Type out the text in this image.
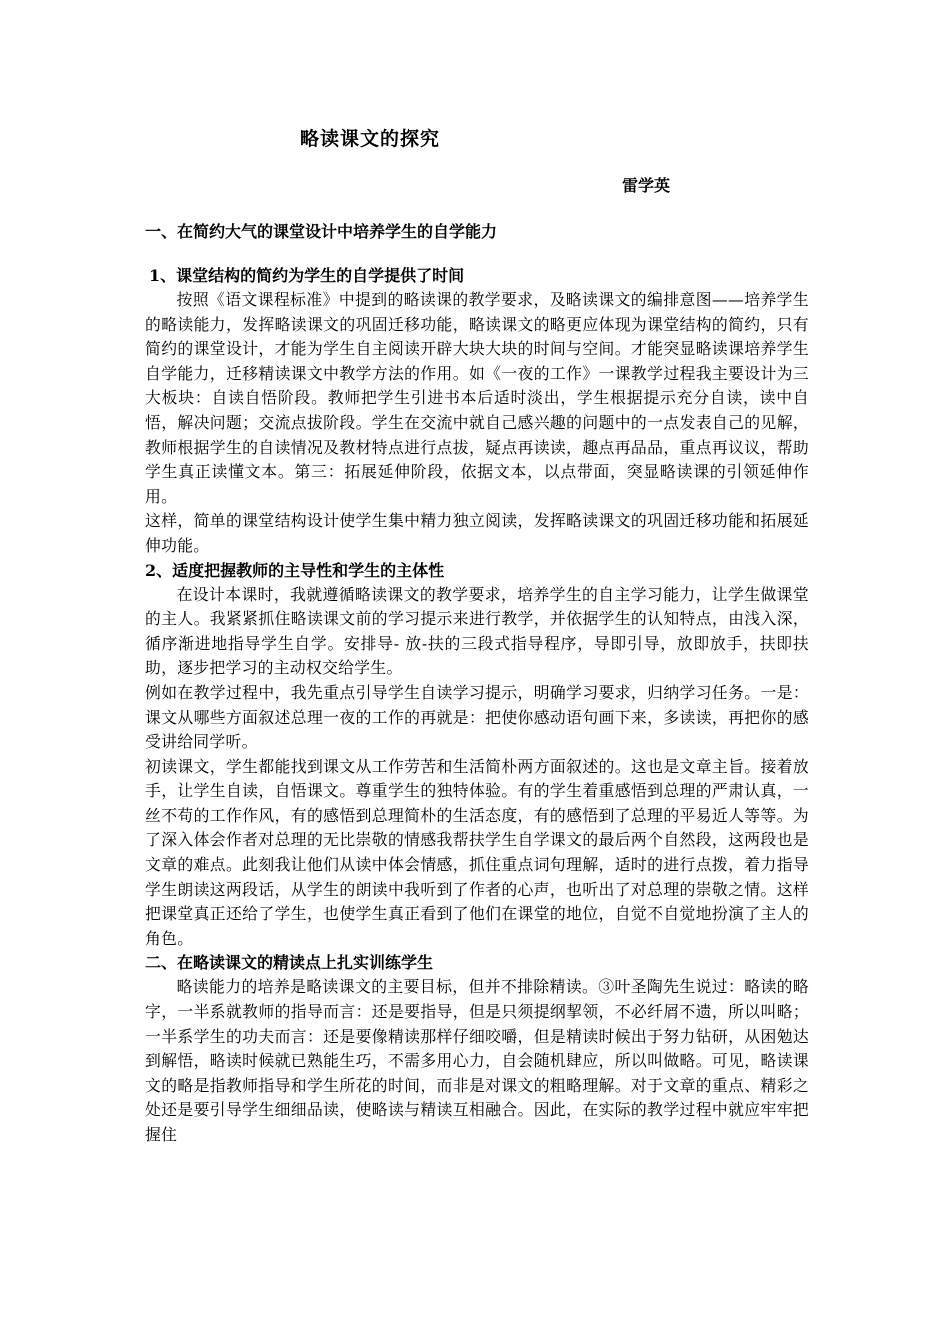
略读课文的探究
雷学英
一、在简约大气的课堂设计中培养学生的自学能力
1、课堂结构的简约为学生的自学提供了时间

按照《语文课程标准》中提到的略读课的教学要求，及略读课文的编排意图——培养学生的略读能力，发挥略读课文的巩固迁移功能，略读课文的略更应体现为课堂结构的简约，只有简约的课堂设计，才能为学生自主阅读开辟大块大块的时间与空间。才能突显略读课培养学生自学能力，迁移精读课文中教学方法的作用。如《一夜的工作》一课教学过程我主要设计为三大板块：自读自悟阶段。教师把学生引进书本后适时淡出，学生根据提示充分自读，读中自悟，解决问题；交流点拔阶段。学生在交流中就自己感兴趣的问题中的一点发表自己的见解，教师根据学生的自读情况及教材特点进行点拔，疑点再读读，趣点再品品，重点再议议，帮助学生真正读懂文本。第三：拓展延伸阶段，依据文本，以点带面，突显略读课的引领延伸作用。

这样，简单的课堂结构设计使学生集中精力独立阅读，发挥略读课文的巩固迁移功能和拓展延伸功能。

2、适度把握教师的主导性和学生的主体性

在设计本课时，我就遵循略读课文的教学要求，培养学生的自主学习能力，让学生做课堂的主人。我紧紧抓住略读课文前的学习提示来进行教学，并依据学生的认知特点，由浅入深，循序渐进地指导学生自学。安排导- 放-扶的三段式指导程序，导即引导，放即放手，扶即扶助，逐步把学习的主动权交给学生。

例如在教学过程中，我先重点引导学生自读学习提示，明确学习要求，归纳学习任务。一是：课文从哪些方面叙述总理一夜的工作的再就是：把使你感动语句画下来，多读读，再把你的感受讲给同学听。

初读课文，学生都能找到课文从工作劳苦和生活简朴两方面叙述的。这也是文章主旨。接着放手，让学生自读，自悟课文。尊重学生的独特体验。有的学生着重感悟到总理的严肃认真，一丝不苟的工作作风，有的感悟到总理简朴的生活态度，有的感悟到了总理的平易近人等等。为了深入体会作者对总理的无比崇敬的情感我帮扶学生自学课文的最后两个自然段，这两段也是文章的难点。此刻我让他们从读中体会情感，抓住重点词句理解，适时的进行点拨，着力指导学生朗读这两段话，从学生的朗读中我听到了作者的心声，也听出了对总理的崇敬之情。这样把课堂真正还给了学生，也使学生真正看到了他们在课堂的地位，自觉不自觉地扮演了主人的角色。

二、在略读课文的精读点上扎实训练学生

略读能力的培养是略读课文的主要目标，但并不排除精读。③叶圣陶先生说过：略读的略字，一半系就教师的指导而言：还是要指导，但是只须提纲挈领，不必纤屑不遗，所以叫略；一半系学生的功夫而言：还是要像精读那样仔细咬嚼，但是精读时候出于努力钻研，从困勉达到解悟，略读时候就已熟能生巧，不需多用心力，自会随机肆应，所以叫做略。可见，略读课文的略是指教师指导和学生所花的时间，而非是对课文的粗略理解。对于文章的重点、精彩之处还是要引导学生细细品读，使略读与精读互相融合。因此，在实际的教学过程中就应牢牢把握住
